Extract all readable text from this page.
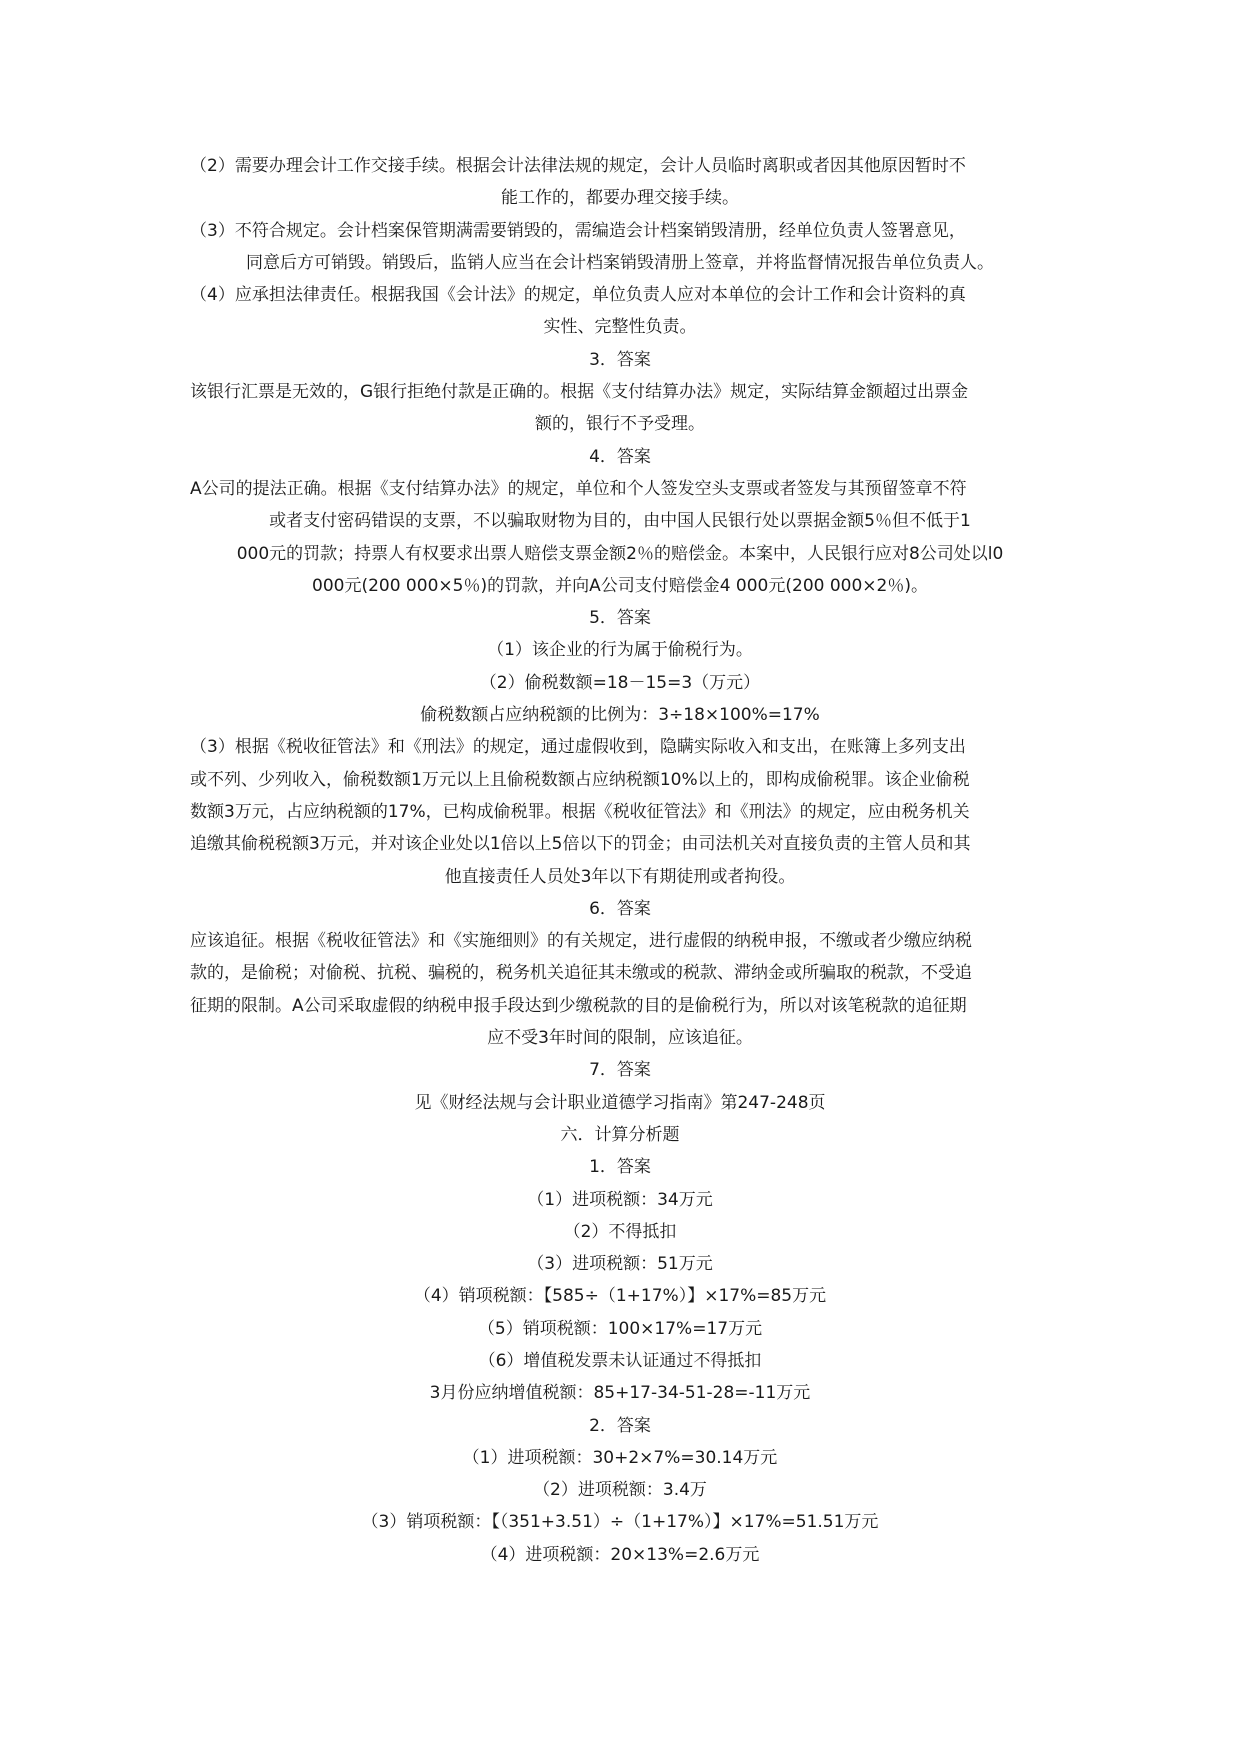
（2）需要办理会计工作交接手续。根据会计法律法规的规定，会计人员临时离职或者因其他原因暂时不
能工作的，都要办理交接手续。
（3）不符合规定。会计档案保管期满需要销毁的，需编造会计档案销毁清册，经单位负责人签署意见，
同意后方可销毁。销毁后，监销人应当在会计档案销毁清册上签章，并将监督情况报告单位负责人。
（4）应承担法律责任。根据我国《会计法》的规定，单位负责人应对本单位的会计工作和会计资料的真
实性、完整性负责。
3．答案
该银行汇票是无效的，G银行拒绝付款是正确的。根据《支付结算办法》规定，实际结算金额超过出票金
额的，银行不予受理。
4．答案
A公司的提法正确。根据《支付结算办法》的规定，单位和个人签发空头支票或者签发与其预留签章不符
或者支付密码错误的支票，不以骗取财物为目的，由中国人民银行处以票据金额5％但不低于1
000元的罚款；持票人有权要求出票人赔偿支票金额2％的赔偿金。本案中，人民银行应对8公司处以l0
000元(200 000×5％)的罚款，并向A公司支付赔偿金4 000元(200 000×2％)。
5．答案
（1）该企业的行为属于偷税行为。
（2）偷税数额=18－15=3（万元）
偷税数额占应纳税额的比例为：3÷18×100%=17%
（3）根据《税收征管法》和《刑法》的规定，通过虚假收到，隐瞒实际收入和支出，在账簿上多列支出
或不列、少列收入，偷税数额1万元以上且偷税数额占应纳税额10%以上的，即构成偷税罪。该企业偷税
数额3万元，占应纳税额的17%，已构成偷税罪。根据《税收征管法》和《刑法》的规定，应由税务机关
追缴其偷税税额3万元，并对该企业处以1倍以上5倍以下的罚金；由司法机关对直接负责的主管人员和其
他直接责任人员处3年以下有期徒刑或者拘役。
6．答案
应该追征。根据《税收征管法》和《实施细则》的有关规定，进行虚假的纳税申报，不缴或者少缴应纳税
款的，是偷税；对偷税、抗税、骗税的，税务机关追征其未缴或的税款、滞纳金或所骗取的税款，不受追
征期的限制。A公司采取虚假的纳税申报手段达到少缴税款的目的是偷税行为，所以对该笔税款的追征期
应不受3年时间的限制，应该追征。
7．答案
见《财经法规与会计职业道德学习指南》第247-248页
六．计算分析题
1．答案
（1）进项税额：34万元
（2）不得抵扣
（3）进项税额：51万元
（4）销项税额：【585÷（1+17%）】×17%=85万元
（5）销项税额：100×17%=17万元
（6）增值税发票未认证通过不得抵扣
3月份应纳增值税额：85+17-34-51-28=-11万元
2．答案
（1）进项税额：30+2×7%=30.14万元
（2）进项税额：3.4万
（3）销项税额：【（351+3.51）÷（1+17%）】×17%=51.51万元
（4）进项税额：20×13%=2.6万元
